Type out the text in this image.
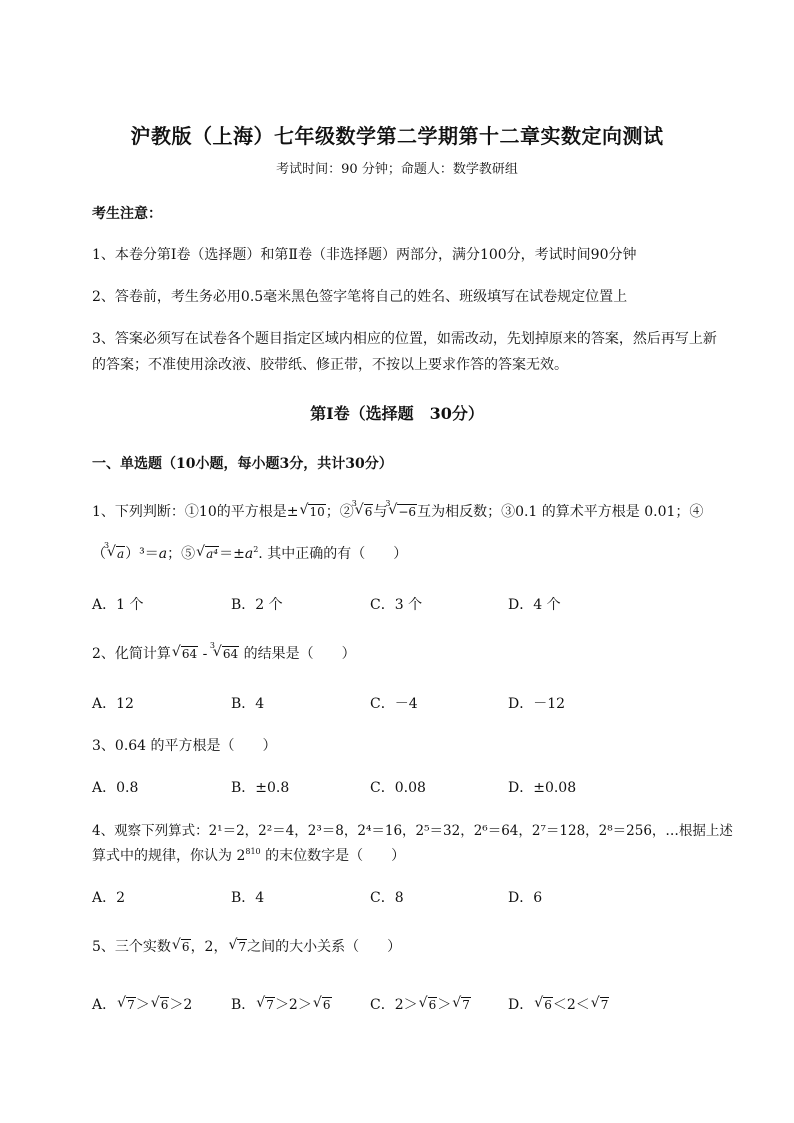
沪教版（上海）七年级数学第二学期第十二章实数定向测试
考试时间：90 分钟；命题人：数学教研组
考生注意：
1、本卷分第Ⅰ卷（选择题）和第Ⅱ卷（非选择题）两部分，满分100分，考试时间90分钟
2、答卷前，考生务必用0.5毫米黑色签字笔将自己的姓名、班级填写在试卷规定位置上
3、答案必须写在试卷各个题目指定区域内相应的位置，如需改动，先划掉原来的答案，然后再写上新
的答案；不准使用涂改液、胶带纸、修正带，不按以上要求作答的答案无效。
第Ⅰ卷（选择题　30分）
一、单选题（10小题，每小题3分，共计30分）
1、下列判断：①10的平方根是± √ 10；②
3
√ 6与
3
√ −6互为相反数；③0.1 的算术平方根是 0.01；④
（
3
√ a）³＝a；⑤ √ $a^4=\pm a^2$. 其中正确的有（　　）
A．1 个	B．2 个	C．3 个	D．4 个
2、化简计算 √ 64 -
3
√ 64 的结果是（　　）
A．12	B．4	C．－4	D．－12
3、0.64 的平方根是（　　）
A．0.8	B．±0.8	C．0.08	D．±0.08
4、观察下列算式：2¹＝2，2²＝4，2³＝8，2⁴＝16，2⁵＝32，2⁶＝64，2⁷＝128，2⁸＝256，…根据上述
算式中的规律，你认为 $2^{810}$ 的末位数字是（　　）
A．2	B．4	C．8	D．6
5、三个实数 √ 6，2， √ 7之间的大小关系（　　）
A． √ 7＞ √ 6＞2	B． √ 7＞2＞ √ 6	C．2＞ √ 6＞ √ 7	D． √ 6＜2＜ √ 7
